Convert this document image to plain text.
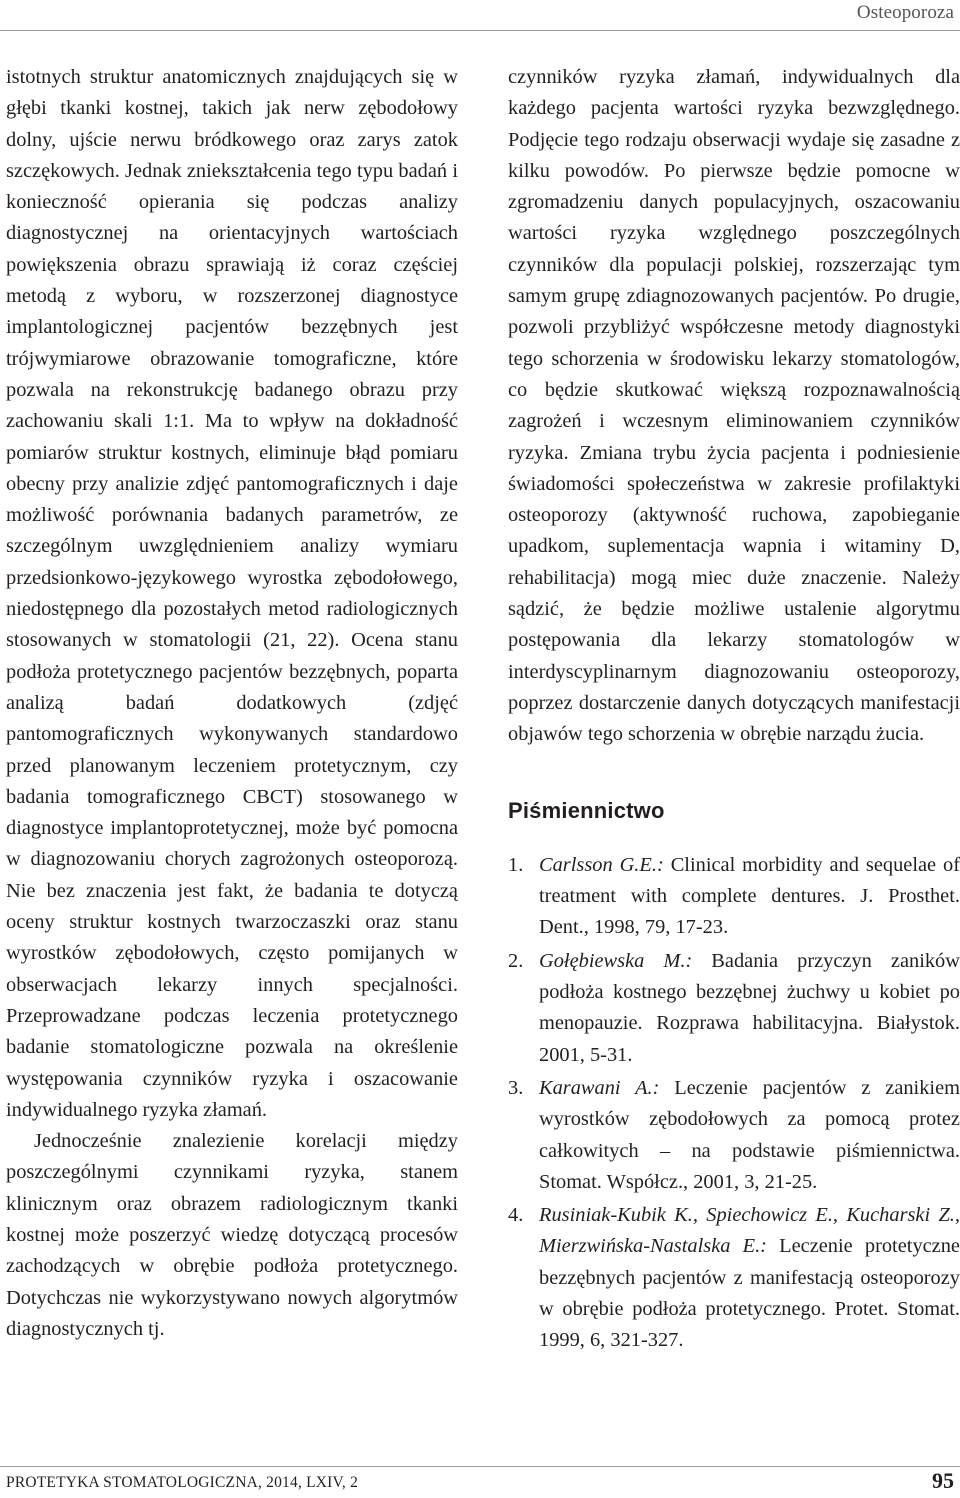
Osteoporoza

istotnych struktur anatomicznych znajdujących się w głębi tkanki kostnej, takich jak nerw zębodołowy dolny, ujście nerwu bródkowego oraz zarys zatok szczękowych. Jednak zniekształcenia tego typu badań i konieczność opierania się podczas analizy diagnostycznej na orientacyjnych wartościach powiększenia obrazu sprawiają iż coraz częściej metodą z wyboru, w rozszerzonej diagnostyce implantologicznej pacjentów bezzębnych jest trójwymiarowe obrazowanie tomograficzne, które pozwala na rekonstrukcję badanego obrazu przy zachowaniu skali 1:1. Ma to wpływ na dokładność pomiarów struktur kostnych, eliminuje błąd pomiaru obecny przy analizie zdjęć pantomograficznych i daje możliwość porównania badanych parametrów, ze szczególnym uwzględnieniem analizy wymiaru przedsionkowo-językowego wyrostka zębodołowego, niedostępnego dla pozostałych metod radiologicznych stosowanych w stomatologii (21, 22). Ocena stanu podłoża protetycznego pacjentów bezzębnych, poparta analizą badań dodatkowych (zdjęć pantomograficznych wykonywanych standardowo przed planowanym leczeniem protetycznym, czy badania tomograficznego CBCT) stosowanego w diagnostyce implantoprotetycznej, może być pomocna w diagnozowaniu chorych zagrożonych osteoporozą. Nie bez znaczenia jest fakt, że badania te dotyczą oceny struktur kostnych twarzoczaszki oraz stanu wyrostków zębodołowych, często pomijanych w obserwacjach lekarzy innych specjalności. Przeprowadzane podczas leczenia protetycznego badanie stomatologiczne pozwala na określenie występowania czynników ryzyka i oszacowanie indywidualnego ryzyka złamań.

Jednocześnie znalezienie korelacji między poszczególnymi czynnikami ryzyka, stanem klinicznym oraz obrazem radiologicznym tkanki kostnej może poszerzyć wiedzę dotyczącą procesów zachodzących w obrębie podłoża protetycznego. Dotychczas nie wykorzystywano nowych algorytmów diagnostycznych tj.

czynników ryzyka złamań, indywidualnych dla każdego pacjenta wartości ryzyka bezwzględnego. Podjęcie tego rodzaju obserwacji wydaje się zasadne z kilku powodów. Po pierwsze będzie pomocne w zgromadzeniu danych populacyjnych, oszacowaniu wartości ryzyka względnego poszczególnych czynników dla populacji polskiej, rozszerzając tym samym grupę zdiagnozowanych pacjentów. Po drugie, pozwoli przybliżyć współczesne metody diagnostyki tego schorzenia w środowisku lekarzy stomatologów, co będzie skutkować większą rozpoznawalnością zagrożeń i wczesnym eliminowaniem czynników ryzyka. Zmiana trybu życia pacjenta i podniesienie świadomości społeczeństwa w zakresie profilaktyki osteoporozy (aktywność ruchowa, zapobieganie upadkom, suplementacja wapnia i witaminy D, rehabilitacja) mogą miec duże znaczenie. Należy sądzić, że będzie możliwe ustalenie algorytmu postępowania dla lekarzy stomatologów w interdyscyplinarnym diagnozowaniu osteoporozy, poprzez dostarczenie danych dotyczących manifestacji objawów tego schorzenia w obrębie narządu żucia.

Piśmiennictwo
1. Carlsson G.E.: Clinical morbidity and sequelae of treatment with complete dentures. J. Prosthet. Dent., 1998, 79, 17-23.
2. Gołębiewska M.: Badania przyczyn zaników podłoża kostnego bezzębnej żuchwy u kobiet po menopauzie. Rozprawa habilitacyjna. Białystok. 2001, 5-31.
3. Karawani A.: Leczenie pacjentów z zanikiem wyrostków zębodołowych za pomocą protez całkowitych – na podstawie piśmiennictwa. Stomat. Współcz., 2001, 3, 21-25.
4. Rusiniak-Kubik K., Spiechowicz E., Kucharski Z., Mierzwińska-Nastalska E.: Leczenie protetyczne bezzębnych pacjentów z manifestacją osteoporozy w obrębie podłoża protetycznego. Protet. Stomat. 1999, 6, 321-327.
PROTETYKA STOMATOLOGICZNA, 2014, LXIV, 2	95
